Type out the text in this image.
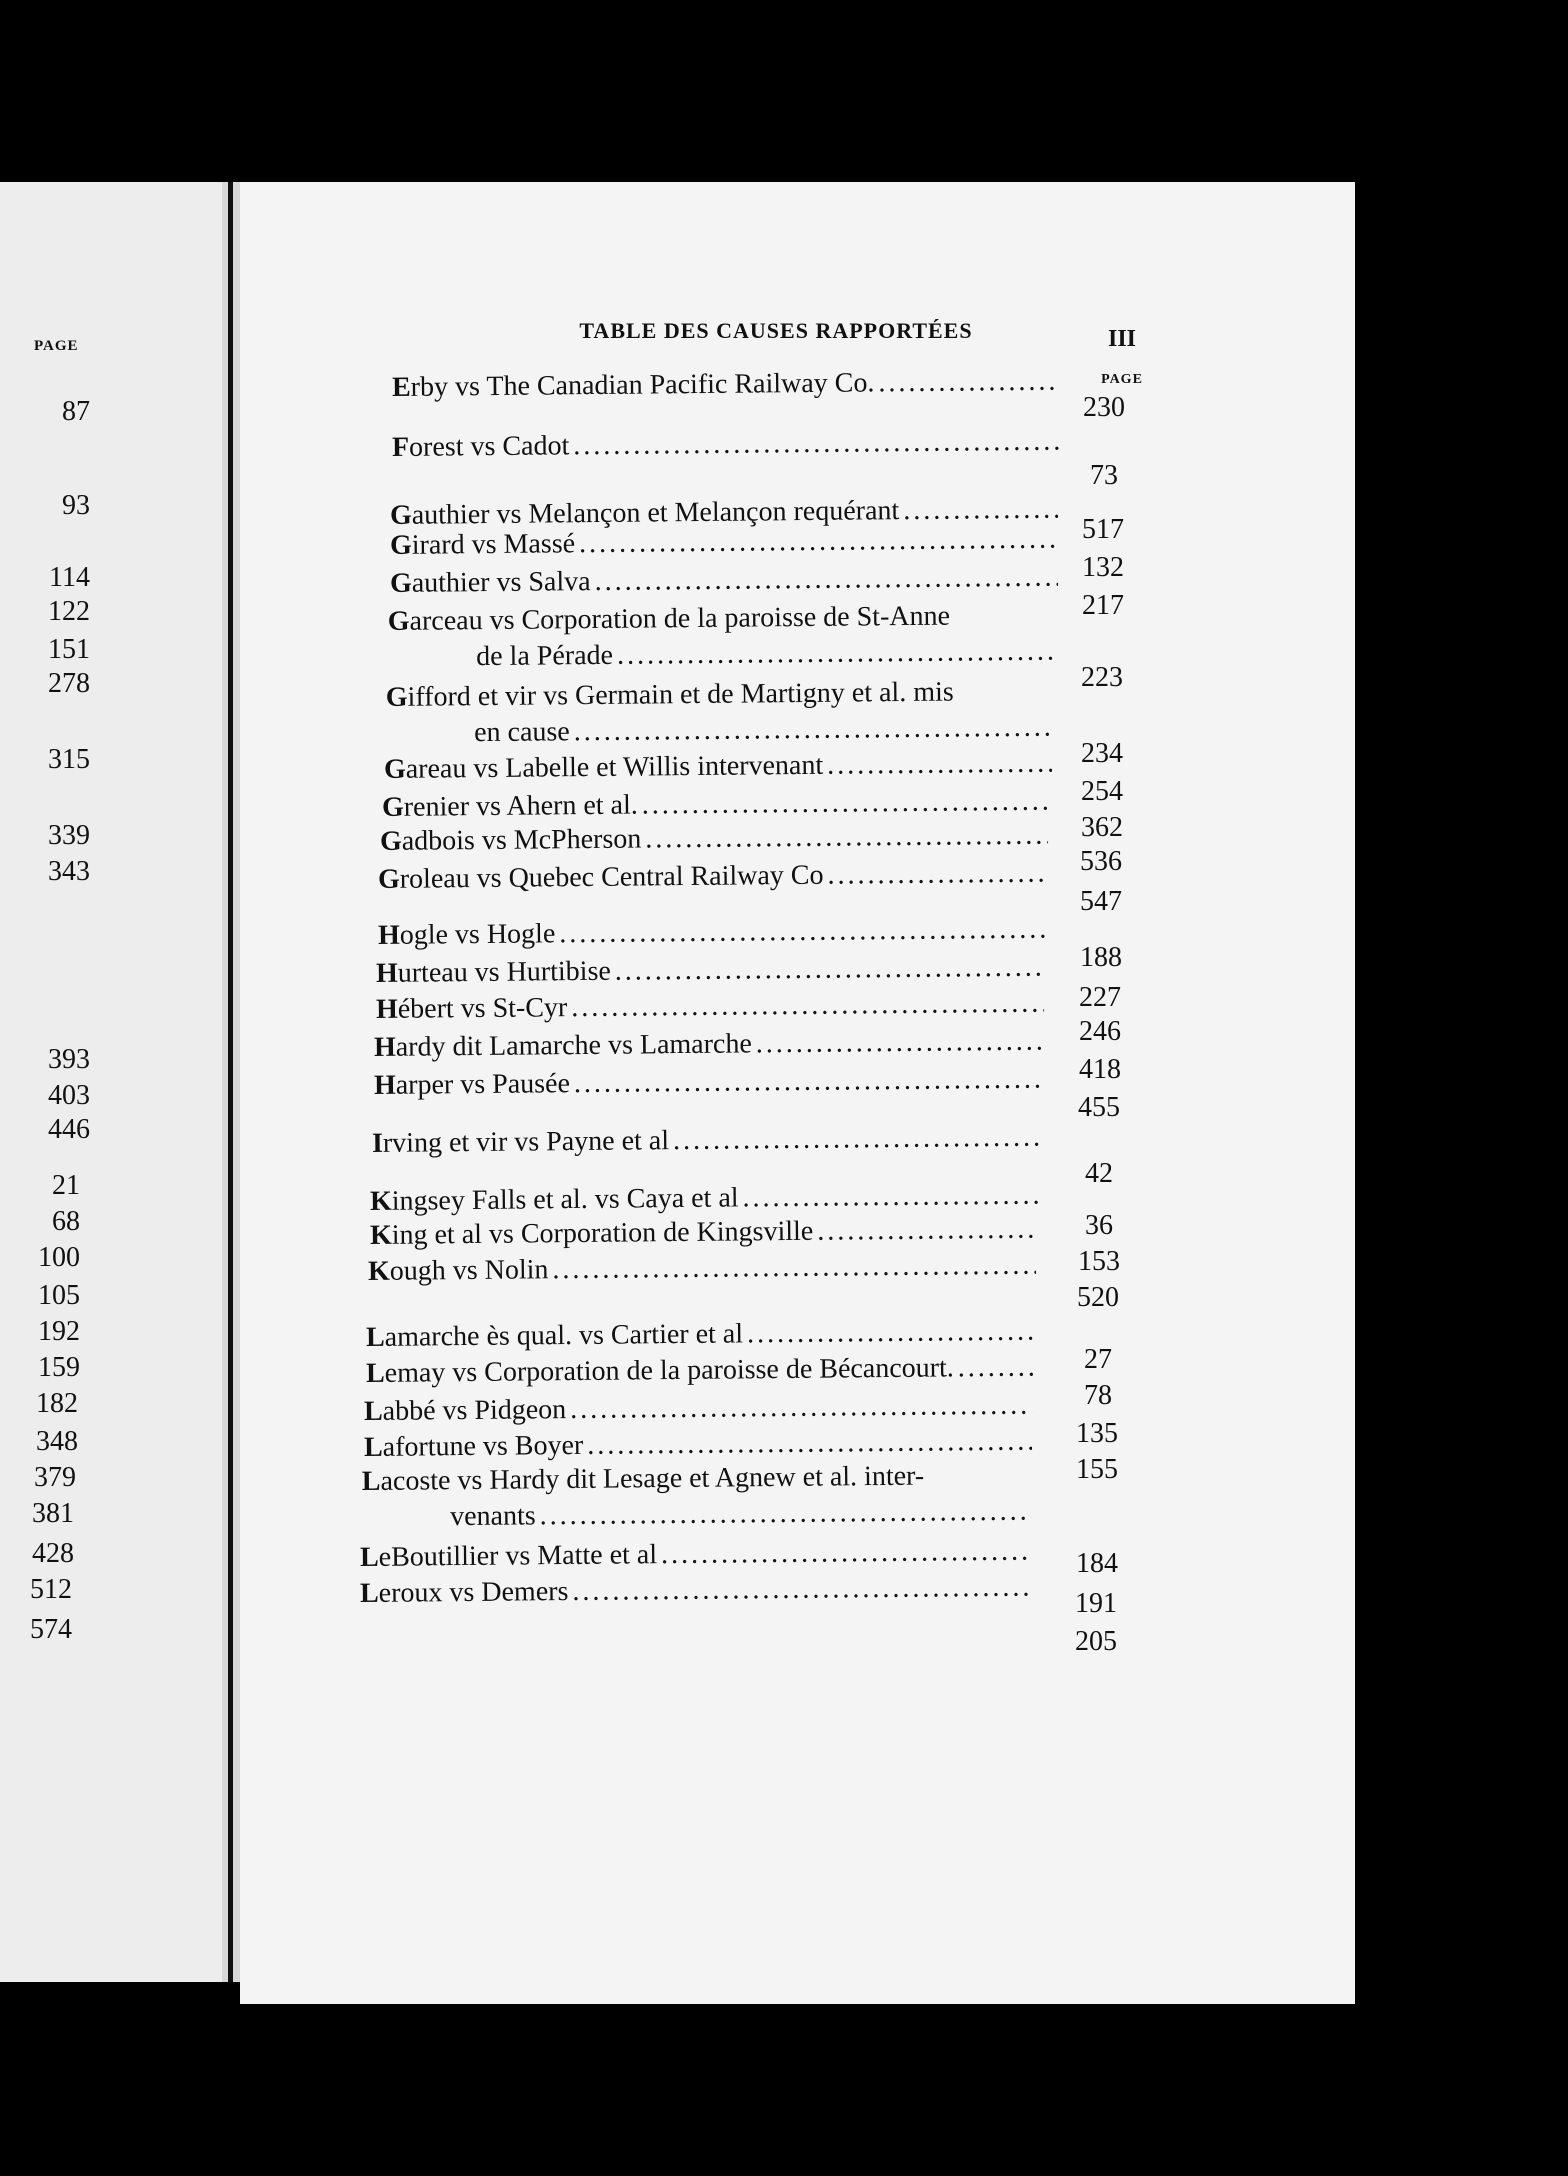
PAGE
87
93
114
122
151
278
315
339
343
393
403
446
21
68
100
105
192
159
182
348
379
381
428
512
574
TABLE DES CAUSES RAPPORTÉES	III
PAGE
Erby vs The Canadian Pacific Railway Co.
.....
230
Forest vs Cadot
.....
73
Gauthier vs Melançon et Melançon requérant
.....	517
Girard vs Massé
.....
132
Gauthier vs Salva
.....
217
Garceau vs Corporation de la paroisse de St-Anne
de la Pérade
.....
223
Gifford et vir vs Germain et de Martigny et al. mis
en cause
.....
234
Gareau vs Labelle et Willis intervenant
.....
254
Grenier vs Ahern et al.
.....
362
Gadbois vs McPherson
.....
536
Groleau vs Quebec Central Railway Co
.....
547
Hogle vs Hogle
.....
188
Hurteau vs Hurtibise
.....
227
Hébert vs St-Cyr
.....
246
Hardy dit Lamarche vs Lamarche
.....
418
Harper vs Pausée
.....
455
Irving et vir vs Payne et al
.....
42
Kingsey Falls et al. vs Caya et al
.....
36
King et al vs Corporation de Kingsville
.....
153
Kough vs Nolin
.....
520
Lamarche ès qual. vs Cartier et al
.....
27
Lemay vs Corporation de la paroisse de Bécancourt.
.....
78
Labbé vs Pidgeon
.....
135
Lafortune vs Boyer
.....
155
Lacoste vs Hardy dit Lesage et Agnew et al. inter-
venants
.....
184
LeBoutillier vs Matte et al
.....
191
Leroux vs Demers
.....
205
